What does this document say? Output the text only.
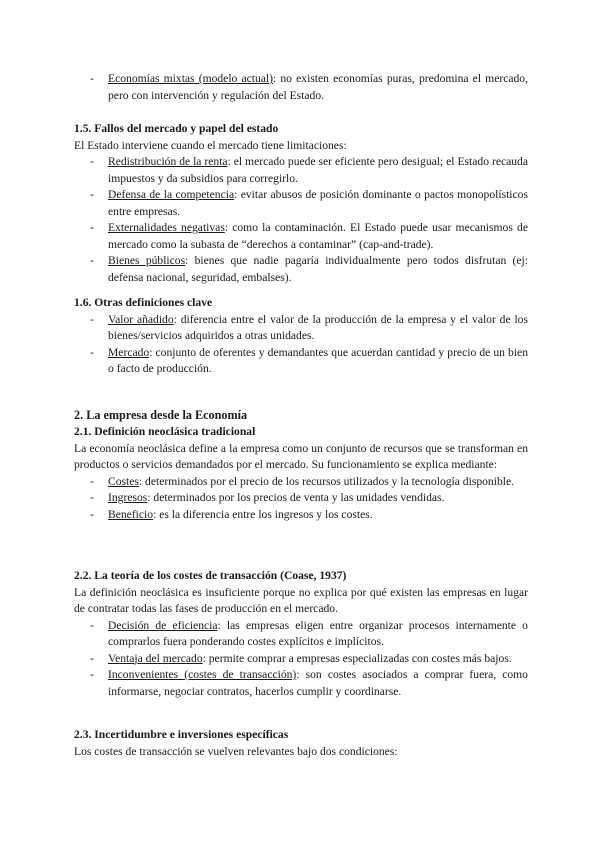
- Economías mixtas (modelo actual): no existen economías puras, predomina el mercado, pero con intervención y regulación del Estado.

1.5. Fallos del mercado y papel del estado

El Estado interviene cuando el mercado tiene limitaciones:

- Redistribución de la renta: el mercado puede ser eficiente pero desigual; el Estado recauda impuestos y da subsidios para corregirlo.
- Defensa de la competencia: evitar abusos de posición dominante o pactos monopolísticos entre empresas.
- Externalidades negativas: como la contaminación. El Estado puede usar mecanismos de mercado como la subasta de “derechos a contaminar” (cap-and-trade).
- Bienes públicos: bienes que nadie pagaría individualmente pero todos disfrutan (ej: defensa nacional, seguridad, embalses).

1.6. Otras definiciones clave

- Valor añadido: diferencia entre el valor de la producción de la empresa y el valor de los bienes/servicios adquiridos a otras unidades.
- Mercado: conjunto de oferentes y demandantes que acuerdan cantidad y precio de un bien o facto de producción.

2. La empresa desde la Economía

2.1. Definición neoclásica tradicional

La economía neoclásica define a la empresa como un conjunto de recursos que se transforman en productos o servicios demandados por el mercado. Su funcionamiento se explica mediante:

- Costes: determinados por el precio de los recursos utilizados y la tecnología disponible.
- Ingresos: determinados por los precios de venta y las unidades vendidas.
- Beneficio: es la diferencia entre los ingresos y los costes.

2.2. La teoría de los costes de transacción (Coase, 1937)

La definición neoclásica es insuficiente porque no explica por qué existen las empresas en lugar de contratar todas las fases de producción en el mercado.

- Decisión de eficiencia: las empresas eligen entre organizar procesos internamente o comprarlos fuera ponderando costes explícitos e implícitos.
- Ventaja del mercado: permite comprar a empresas especializadas con costes más bajos.
- Inconvenientes (costes de transacción): son costes asociados a comprar fuera, como informarse, negociar contratos, hacerlos cumplir y coordinarse.

2.3. Incertidumbre e inversiones específicas

Los costes de transacción se vuelven relevantes bajo dos condiciones:
